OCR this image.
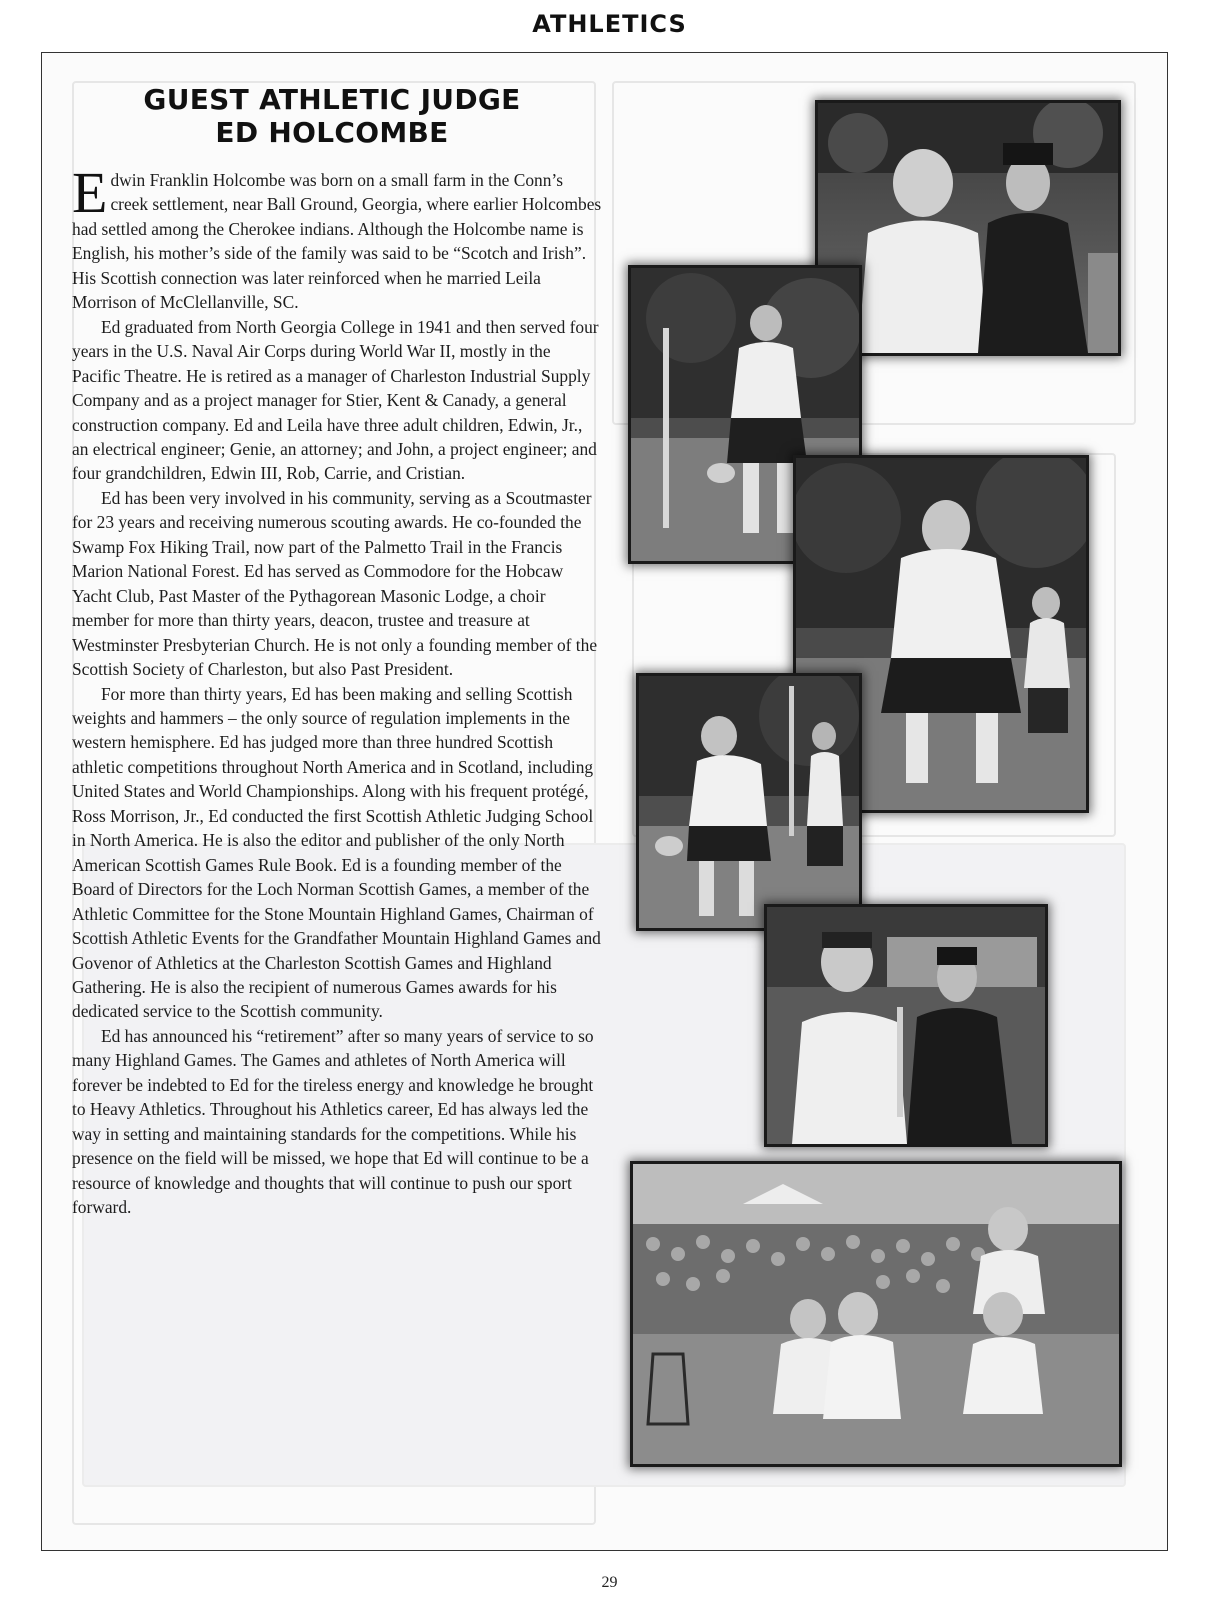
ATHLETICS
GUEST ATHLETIC JUDGE
ED HOLCOMBE

Edwin Franklin Holcombe was born on a small farm in the Conn’s creek settlement, near Ball Ground, Georgia, where earlier Holcombes had settled among the Cherokee indians. Although the Holcombe name is English, his mother’s side of the family was said to be “Scotch and Irish”. His Scottish connection was later reinforced when he married Leila Morrison of McClellanville, SC.

Ed graduated from North Georgia College in 1941 and then served four years in the U.S. Naval Air Corps during World War II, mostly in the Pacific Theatre. He is retired as a manager of Charleston Industrial Supply Company and as a project manager for Stier, Kent & Canady, a general construction company. Ed and Leila have three adult children, Edwin, Jr., an electrical engineer; Genie, an attorney; and John, a project engineer; and four grandchildren, Edwin III, Rob, Carrie, and Cristian.

Ed has been very involved in his community, serving as a Scoutmaster for 23 years and receiving numerous scouting awards. He co-founded the Swamp Fox Hiking Trail, now part of the Palmetto Trail in the Francis Marion National Forest. Ed has served as Commodore for the Hobcaw Yacht Club, Past Master of the Pythagorean Masonic Lodge, a choir member for more than thirty years, deacon, trustee and treasure at Westminster Presbyterian Church. He is not only a founding member of the Scottish Society of Charleston, but also Past President.

For more than thirty years, Ed has been making and selling Scottish weights and hammers – the only source of regulation implements in the western hemisphere. Ed has judged more than three hundred Scottish athletic competitions throughout North America and in Scotland, including United States and World Championships. Along with his frequent protégé, Ross Morrison, Jr., Ed conducted the first Scottish Athletic Judging School in North America. He is also the editor and publisher of the only North American Scottish Games Rule Book. Ed is a founding member of the Board of Directors for the Loch Norman Scottish Games, a member of the Athletic Committee for the Stone Mountain Highland Games, Chairman of Scottish Athletic Events for the Grandfather Mountain Highland Games and Govenor of Athletics at the Charleston Scottish Games and Highland Gathering. He is also the recipient of numerous Games awards for his dedicated service to the Scottish community.

Ed has announced his “retirement” after so many years of service to so many Highland Games. The Games and athletes of North America will forever be indebted to Ed for the tireless energy and knowledge he brought to Heavy Athletics. Throughout his Athletics career, Ed has always led the way in setting and maintaining standards for the competitions. While his presence on the field will be missed, we hope that Ed will continue to be a resource of knowledge and thoughts that will continue to push our sport forward.

29
